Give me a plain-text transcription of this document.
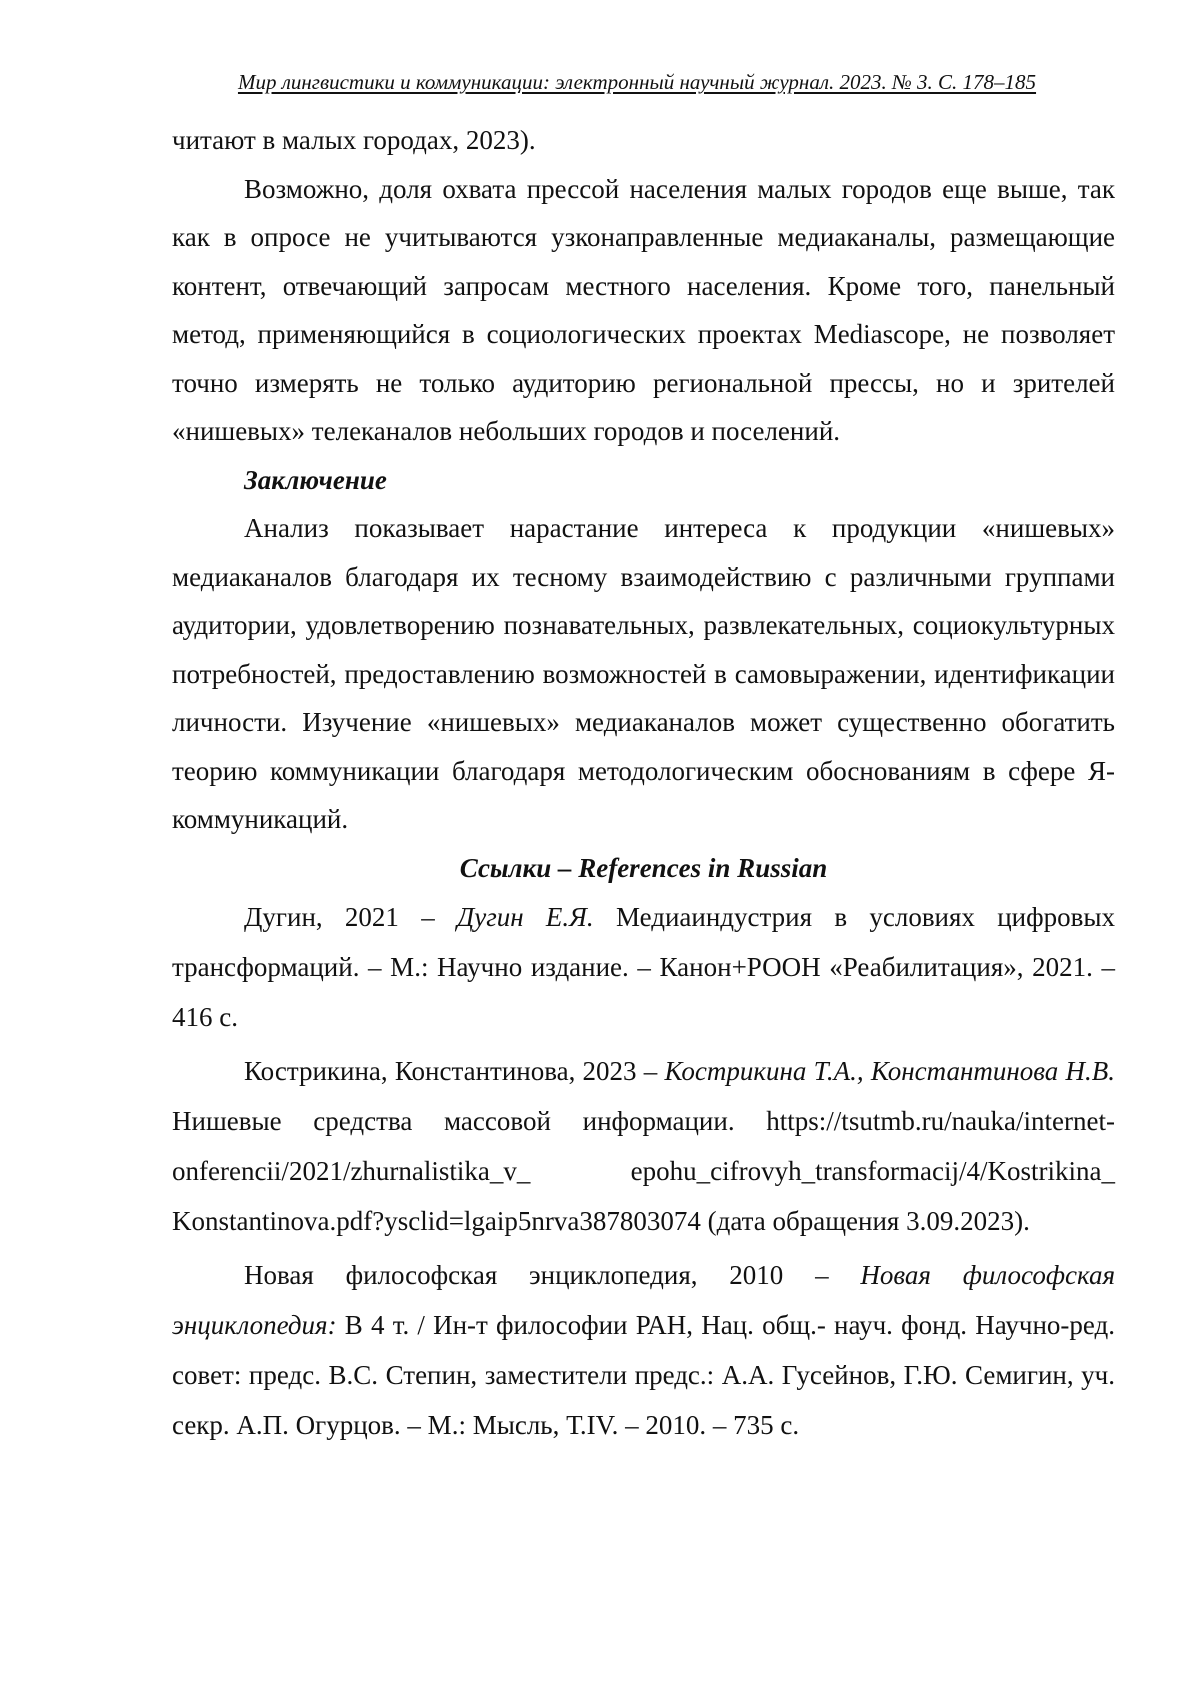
Мир лингвистики и коммуникации: электронный научный журнал. 2023. № 3. С. 178–185

читают в малых городах, 2023).

Возможно, доля охвата прессой населения малых городов еще выше, так как в опросе не учитываются узконаправленные медиаканалы, размещающие контент, отвечающий запросам местного населения. Кроме того, панельный метод, применяющийся в социологических проектах Mediascope, не позволяет точно измерять не только аудиторию региональной прессы, но и зрителей «нишевых» телеканалов небольших городов и поселений.

Заключение

Анализ показывает нарастание интереса к продукции «нишевых» медиаканалов благодаря их тесному взаимодействию с различными группами аудитории, удовлетворению познавательных, развлекательных, социокультурных потребностей, предоставлению возможностей в самовыражении, идентификации личности. Изучение «нишевых» медиаканалов может существенно обогатить теорию коммуникации благодаря методологическим обоснованиям в сфере Я-коммуникаций.

Ссылки – References in Russian

Дугин, 2021 – Дугин Е.Я. Медиаиндустрия в условиях цифровых трансформаций. – М.: Научно издание. – Канон+РООН «Реабилитация», 2021. – 416 с.

Кострикина, Константинова, 2023 – Кострикина Т.А., Константинова Н.В. Нишевые средства массовой информации. https://tsutmb.ru/nauka/internet-onferencii/2021/zhurnalistika_v_ epohu_cifrovyh_transformacij/4/Kostrikina_ Konstantinova.pdf?ysclid=lgaip5nrva387803074 (дата обращения 3.09.2023).

Новая философская энциклопедия, 2010 – Новая философская энциклопедия: В 4 т. / Ин-т философии РАН, Нац. общ.- науч. фонд. Научно-ред. совет: предс. В.С. Степин, заместители предс.: А.А. Гусейнов, Г.Ю. Семигин, уч. секр. А.П. Огурцов. – М.: Мысль, Т.IV. – 2010. – 735 с.
